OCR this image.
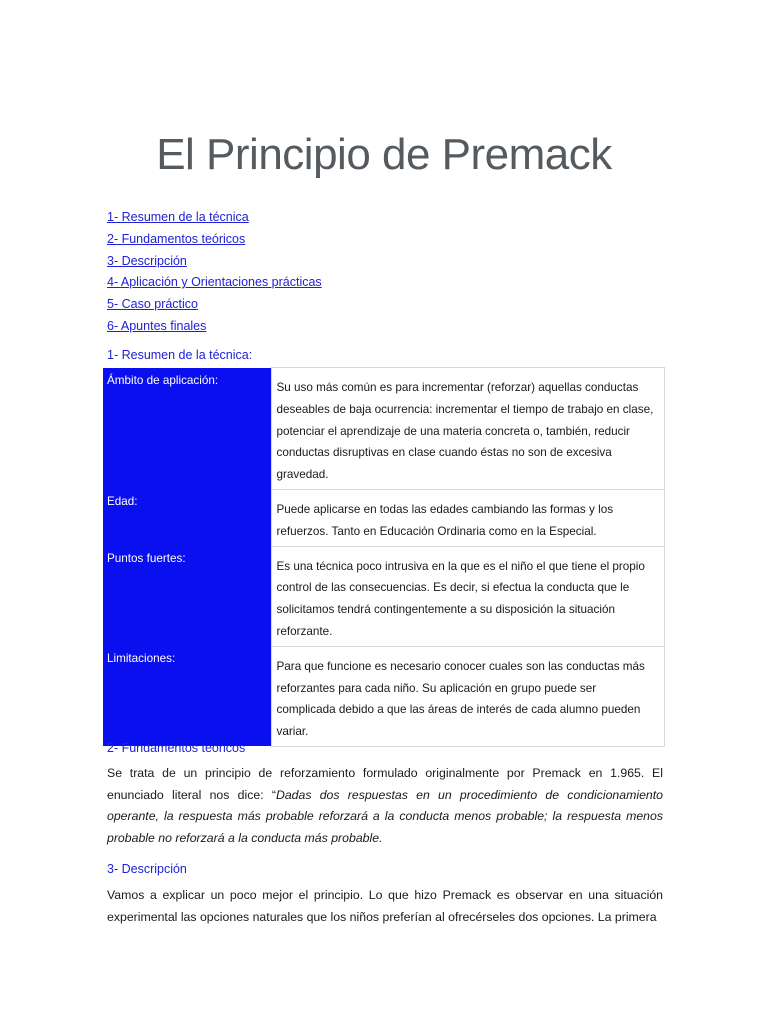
El Principio de Premack
1- Resumen de la técnica
2- Fundamentos teóricos
3- Descripción
4- Aplicación y Orientaciones prácticas
5- Caso práctico
6- Apuntes finales
1- Resumen de la técnica:
Ámbito de aplicación:	Su uso más común es para incrementar (reforzar) aquellas conductas deseables de baja ocurrencia: incrementar el tiempo de trabajo en clase, potenciar el aprendizaje de una materia concreta o, también, reducir conductas disruptivas en clase cuando éstas no son de excesiva gravedad.
Edad:	Puede aplicarse en todas las edades cambiando las formas y los refuerzos. Tanto en Educación Ordinaria como en la Especial.
Puntos fuertes:	Es una técnica poco intrusiva en la que es el niño el que tiene el propio control de las consecuencias. Es decir, si efectua la conducta que le solicitamos tendrá contingentemente a su disposición la situación reforzante.
Limitaciones:	Para que funcione es necesario conocer cuales son las conductas más reforzantes para cada niño. Su aplicación en grupo puede ser complicada debido a que las áreas de interés de cada alumno pueden variar.
2- Fundamentos teóricos
Se trata de un principio de reforzamiento formulado originalmente por Premack en 1.965. El enunciado literal nos dice: “Dadas dos respuestas en un procedimiento de condicionamiento operante, la respuesta más probable reforzará a la conducta menos probable; la respuesta menos probable no reforzará a la conducta más probable.
3- Descripción
Vamos a explicar un poco mejor el principio. Lo que hizo Premack es observar en una situación experimental las opciones naturales que los niños preferían al ofrecérseles dos opciones. La primera
